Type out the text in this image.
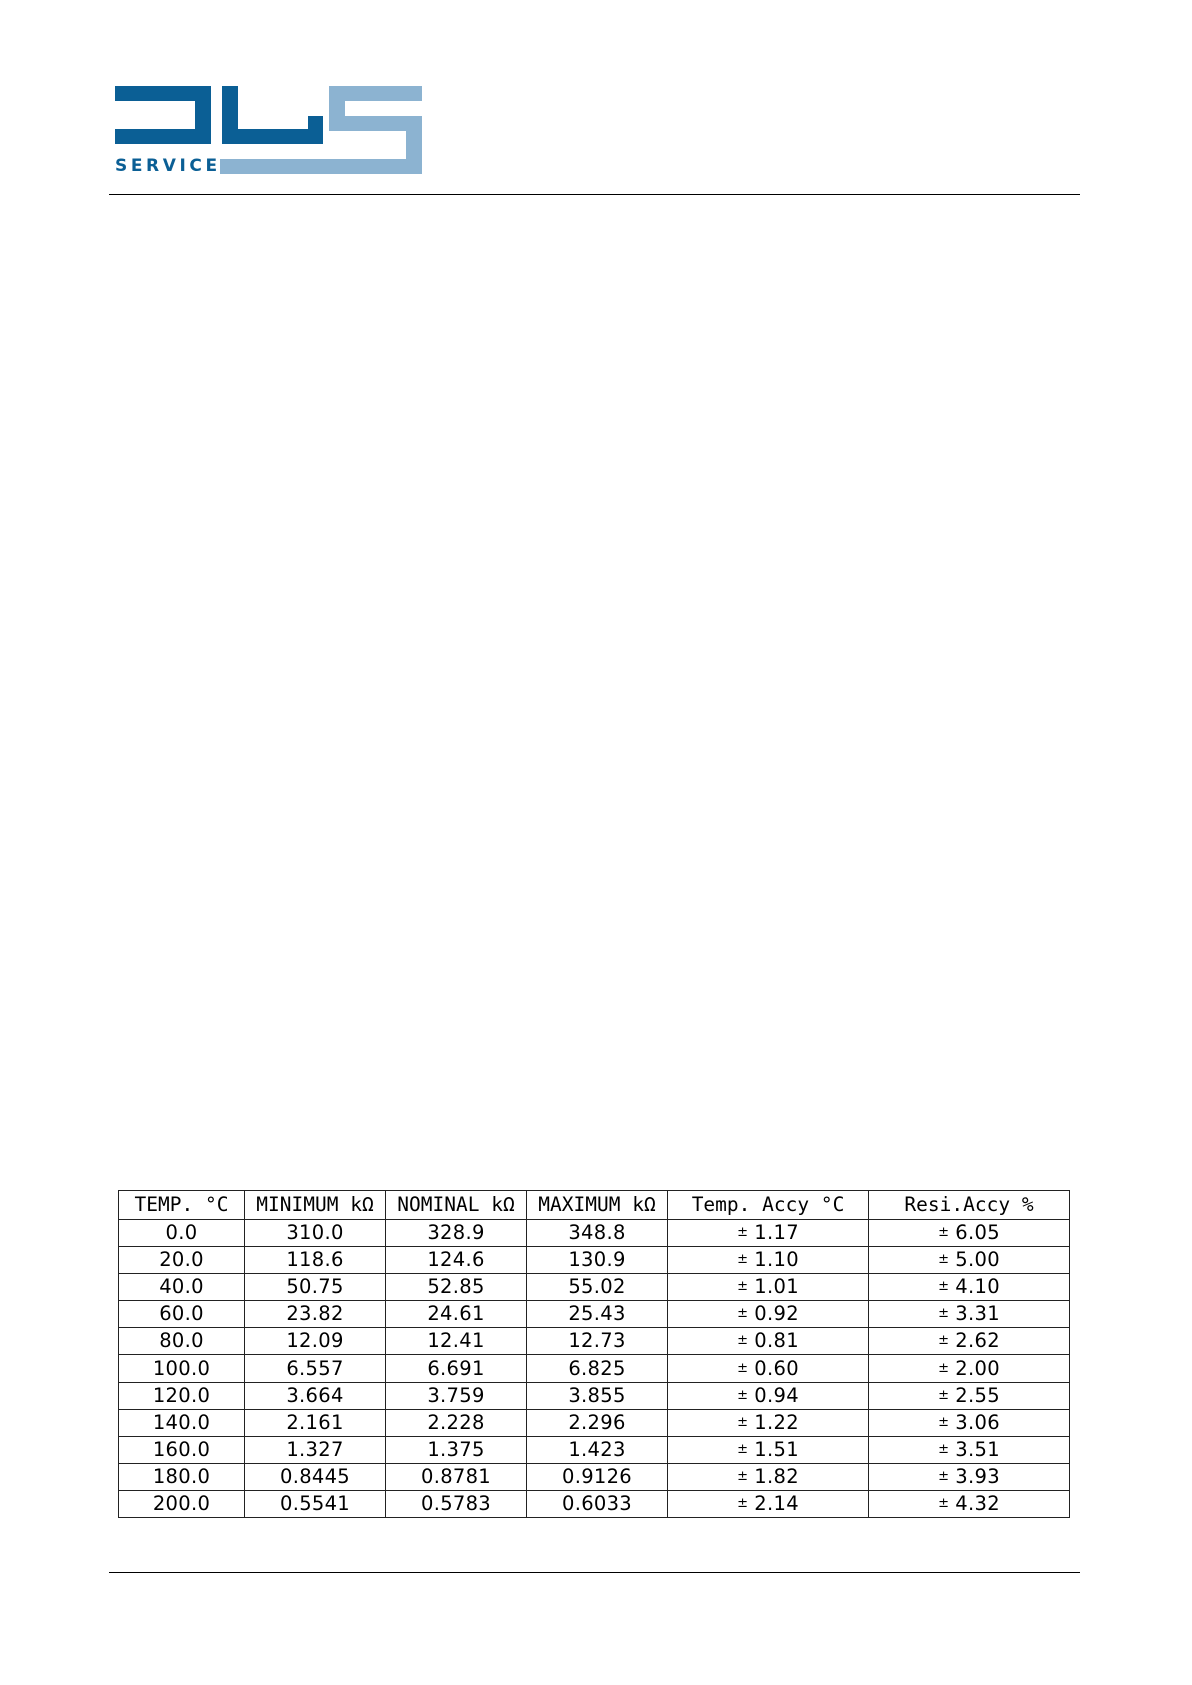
SERVICE
TEMP. °C	MINIMUM kΩ	NOMINAL kΩ	MAXIMUM kΩ	Temp. Accy °C	Resi.Accy %
0.0	310.0	328.9	348.8	± 1.17	± 6.05
20.0	118.6	124.6	130.9	± 1.10	± 5.00
40.0	50.75	52.85	55.02	± 1.01	± 4.10
60.0	23.82	24.61	25.43	± 0.92	± 3.31
80.0	12.09	12.41	12.73	± 0.81	± 2.62
100.0	6.557	6.691	6.825	± 0.60	± 2.00
120.0	3.664	3.759	3.855	± 0.94	± 2.55
140.0	2.161	2.228	2.296	± 1.22	± 3.06
160.0	1.327	1.375	1.423	± 1.51	± 3.51
180.0	0.8445	0.8781	0.9126	± 1.82	± 3.93
200.0	0.5541	0.5783	0.6033	± 2.14	± 4.32
